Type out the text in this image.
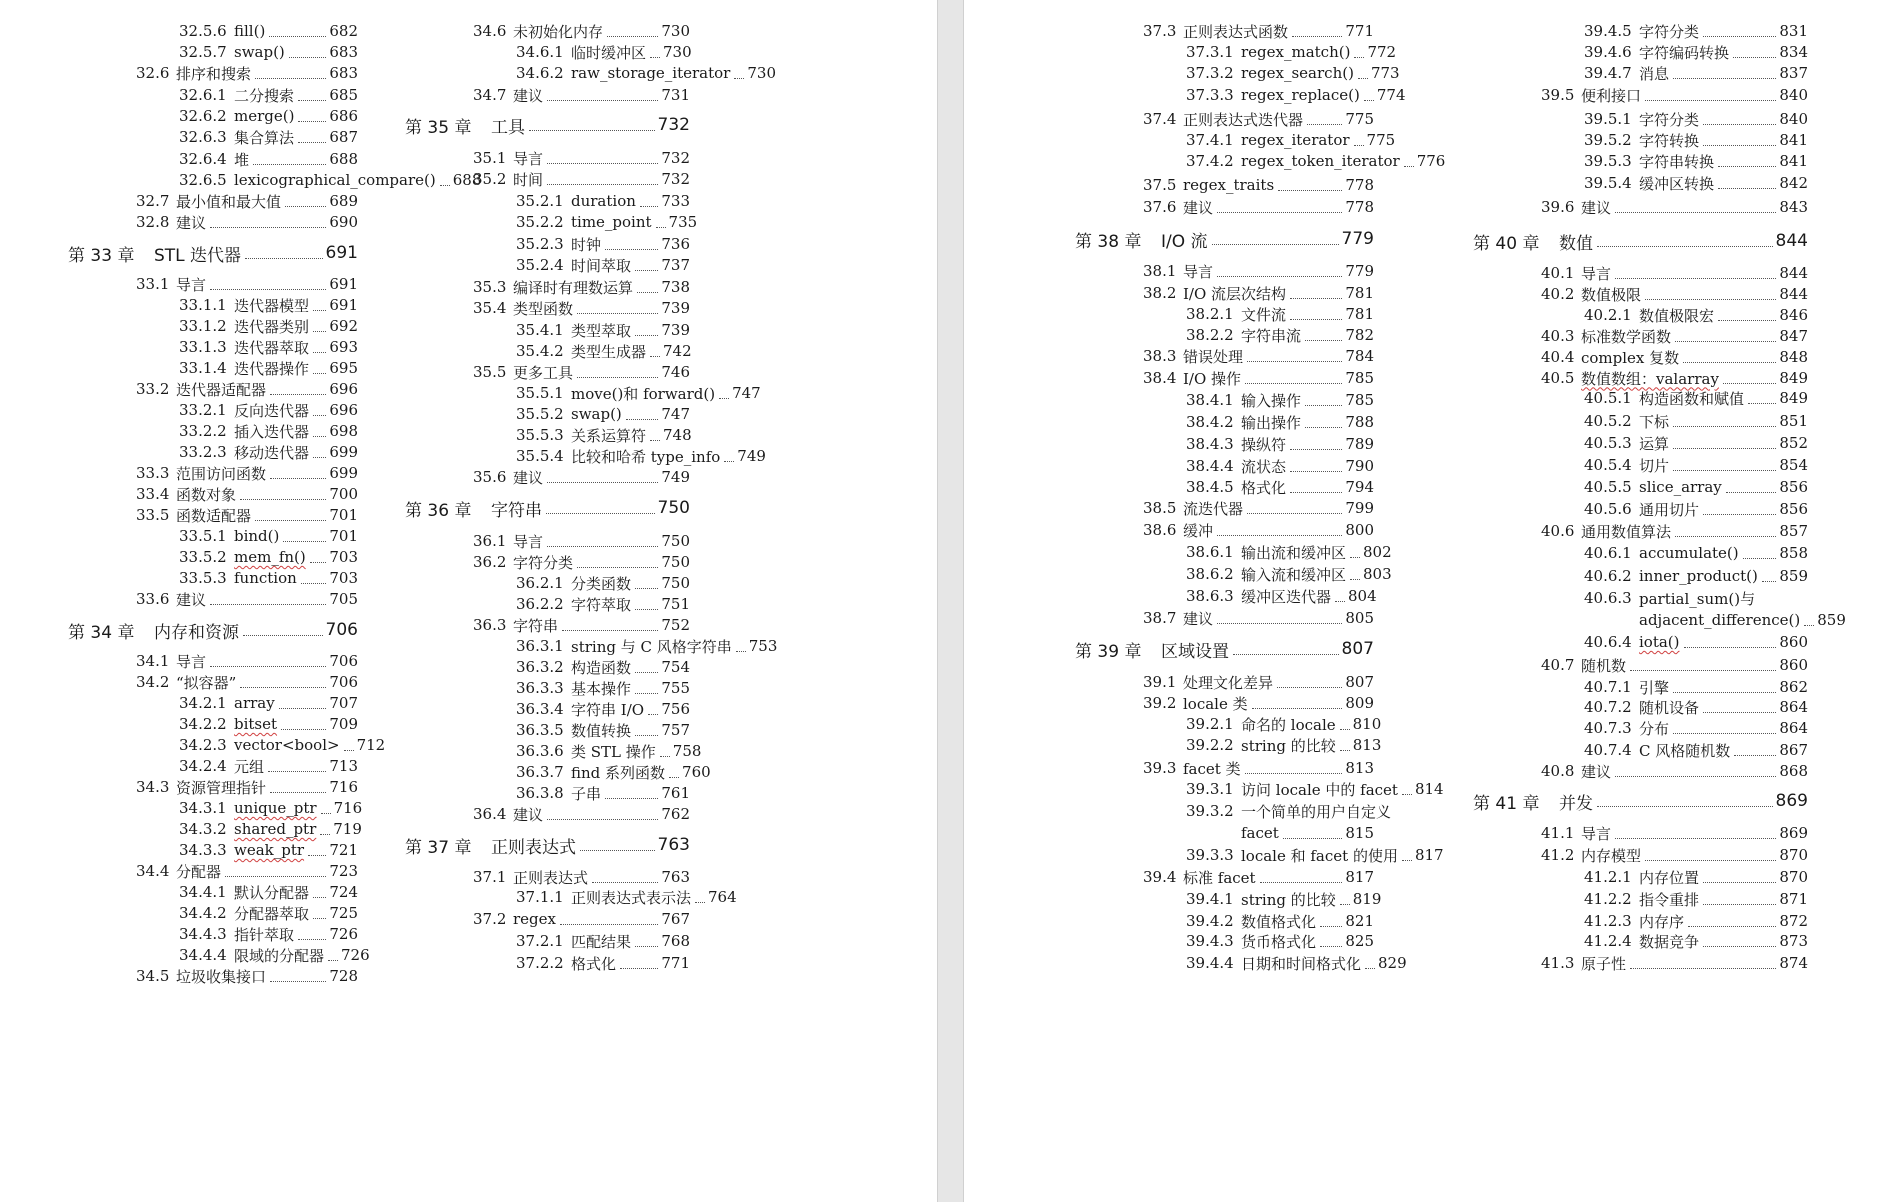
32.5.6 fill()	682
32.5.7 swap()	683
32.6 排序和搜索	683
32.6.1 二分搜索 685
32.6.2 merge() 686
32.6.3 集合算法 687
32.6.4 堆	688
32.6.5 lexicographical_compare() 688
32.7 最小值和最大值	689
32.8 建议	690
第 33 章	STL 迭代器	691
33.1 导言	691
33.1.1 迭代器模型 691
33.1.2 迭代器类别 692
33.1.3 迭代器萃取 693
33.1.4 迭代器操作 695
33.2 迭代器适配器	696
33.2.1 反向迭代器 696
33.2.2 插入迭代器 698
33.2.3 移动迭代器 699
33.3 范围访问函数	699
33.4 函数对象	700
33.5 函数适配器	701
33.5.1 bind()	701
33.5.2 mem_fn() 703
33.5.3 function 703
33.6 建议	705
第 34 章	内存和资源	706
34.1 导言	706
34.2 “拟容器”	706
34.2.1 array	707
34.2.2 bitset	709
34.2.3 vector<bool> 712
34.2.4 元组	713
34.3 资源管理指针	716
34.3.1 unique_ptr 716
34.3.2 shared_ptr 719
34.3.3 weak_ptr 721
34.4 分配器	723
34.4.1 默认分配器 724
34.4.2 分配器萃取 725
34.4.3 指针萃取 726
34.4.4 限域的分配器 726
34.5 垃圾收集接口	728
34.6 未初始化内存	730
34.6.1 临时缓冲区 730
34.6.2 raw_storage_iterator 730
34.7 建议	731
第 35 章	工具	732
35.1 导言	732
35.2 时间	732
35.2.1 duration 733
35.2.2 time_point 735
35.2.3 时钟	736
35.2.4 时间萃取 737
35.3 编译时有理数运算 738
35.4 类型函数	739
35.4.1 类型萃取 739
35.4.2 类型生成器 742
35.5 更多工具	746
35.5.1 move()和 forward() 747
35.5.2 swap()	747
35.5.3 关系运算符 748
35.5.4 比较和哈希 type_info 749
35.6 建议	749
第 36 章	字符串	750
36.1 导言	750
36.2 字符分类	750
36.2.1 分类函数 750
36.2.2 字符萃取 751
36.3 字符串	752
36.3.1 string 与 C 风格字符串 753
36.3.2 构造函数 754
36.3.3 基本操作 755
36.3.4 字符串 I/O 756
36.3.5 数值转换 757
36.3.6 类 STL 操作 758
36.3.7 find 系列函数 760
36.3.8 子串	761
36.4 建议	762
第 37 章	正则表达式	763
37.1 正则表达式	763
37.1.1 正则表达式表示法 764
37.2 regex	767
37.2.1 匹配结果 768
37.2.2 格式化	771
37.3 正则表达式函数	771
37.3.1 regex_match() 772
37.3.2 regex_search() 773
37.3.3 regex_replace() 774
37.4 正则表达式迭代器	775
37.4.1 regex_iterator 775
37.4.2 regex_token_iterator 776
37.5 regex_traits	778
37.6 建议	778
第 38 章	I/O 流	779
38.1 导言	779
38.2 I/O 流层次结构	781
38.2.1 文件流	781
38.2.2 字符串流	782
38.3 错误处理	784
38.4 I/O 操作	785
38.4.1 输入操作	785
38.4.2 输出操作	788
38.4.3 操纵符	789
38.4.4 流状态	790
38.4.5 格式化	794
38.5 流迭代器	799
38.6 缓冲	800
38.6.1 输出流和缓冲区 802
38.6.2 输入流和缓冲区 803
38.6.3 缓冲区迭代器 804
38.7 建议	805
第 39 章	区域设置	807
39.1 处理文化差异	807
39.2 locale 类	809
39.2.1 命名的 locale 810
39.2.2 string 的比较 813
39.3 facet 类	813
39.3.1 访问 locale 中的 facet 814
39.3.2 一个简单的用户自定义
facet	815
39.3.3 locale 和 facet 的使用 817
39.4 标准 facet	817
39.4.1 string 的比较 819
39.4.2 数值格式化 821
39.4.3 货币格式化 825
39.4.4 日期和时间格式化 829
39.4.5 字符分类	831
39.4.6 字符编码转换	834
39.4.7 消息	837
39.5 便利接口	840
39.5.1 字符分类	840
39.5.2 字符转换	841
39.5.3 字符串转换	841
39.5.4 缓冲区转换	842
39.6 建议	843
第 40 章	数值	844
40.1 导言	844
40.2 数值极限	844
40.2.1 数值极限宏	846
40.3 标准数学函数	847
40.4 complex 复数	848
40.5 数值数组：valarray	849
40.5.1 构造函数和赋值 849
40.5.2 下标	851
40.5.3 运算	852
40.5.4 切片	854
40.5.5 slice_array	856
40.5.6 通用切片	856
40.6 通用数值算法	857
40.6.1 accumulate()	858
40.6.2 inner_product() 859
40.6.3 partial_sum()与
adjacent_difference() 859
40.6.4 iota()	860
40.7 随机数	860
40.7.1 引擎	862
40.7.2 随机设备	864
40.7.3 分布	864
40.7.4 C 风格随机数	867
40.8 建议	868
第 41 章	并发	869
41.1 导言	869
41.2 内存模型	870
41.2.1 内存位置	870
41.2.2 指令重排	871
41.2.3 内存序	872
41.2.4 数据竞争	873
41.3 原子性	874
